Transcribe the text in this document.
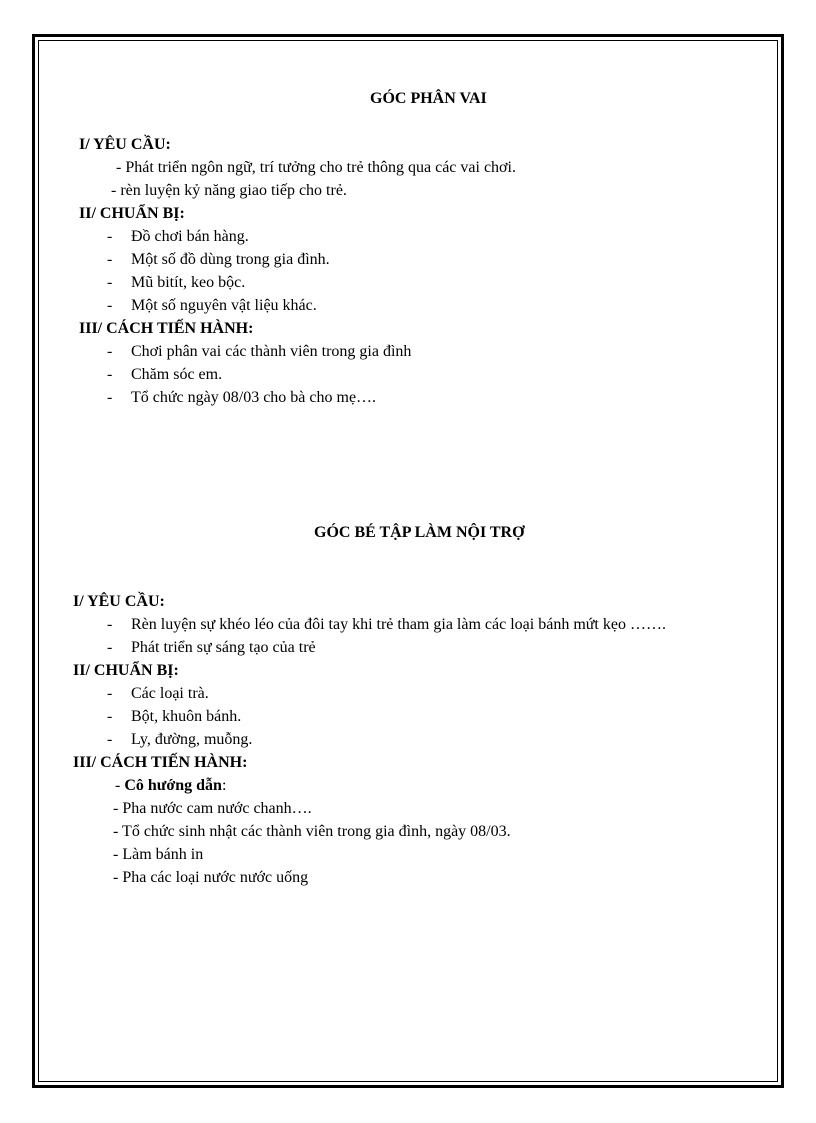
GÓC PHÂN VAI
I/ YÊU CẦU:
- Phát triển ngôn ngữ, trí tưởng cho trẻ thông qua các vai chơi.
- rèn luyện kỷ năng giao tiếp cho trẻ.
II/ CHUẨN BỊ:
- Đồ chơi bán hàng.
- Một số đồ dùng trong gia đình.
- Mũ bitít, keo bộc.
- Một số nguyên vật liệu khác.
III/ CÁCH TIẾN HÀNH:
- Chơi phân vai các thành viên trong gia đình
- Chăm sóc em.
- Tổ chức ngày 08/03 cho bà cho mẹ….
GÓC BÉ TẬP LÀM NỘI TRỢ
I/ YÊU CẦU:
- Rèn luyện sự khéo léo của đôi tay khi trẻ tham gia làm các loại bánh mứt kẹo …….
- Phát triển sự sáng tạo của trẻ
II/ CHUẨN BỊ:
- Các loại trà.
- Bột, khuôn bánh.
- Ly, đường, muỗng.
III/ CÁCH TIẾN HÀNH:
- Cô hướng dẫn:
- Pha nước cam nước chanh….
- Tổ chức sinh nhật các thành viên trong gia đình, ngày 08/03.
- Làm bánh in
- Pha các loại nước nước uống
